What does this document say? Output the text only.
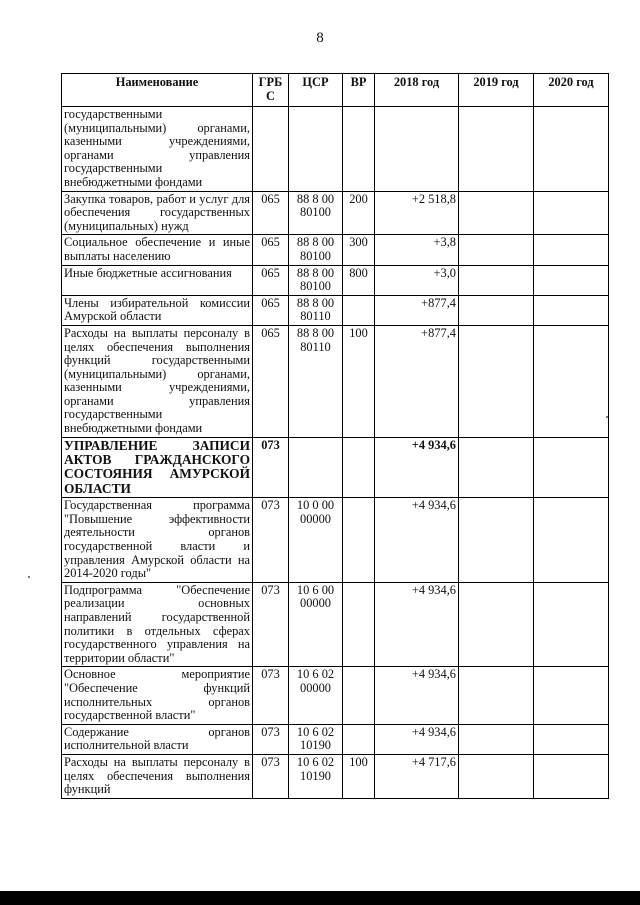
8
Наименование	ГРБ С	ЦСР	ВР	2018 год	2019 год	2020 год
государственными (муниципальными) органами, казенными учреждениями, органами управления государственными внебюджетными фондами						
Закупка товаров, работ и услуг для обеспечения государственных (муниципальных) нужд	065	88 8 00 80100	200	+2 518,8		
Социальное обеспечение и иные выплаты населению	065	88 8 00 80100	300	+3,8		
Иные бюджетные ассигнования	065	88 8 00 80100	800	+3,0		
Члены избирательной комиссии Амурской области	065	88 8 00 80110		+877,4		
Расходы на выплаты персоналу в целях обеспечения выполнения функций государственными (муниципальными) органами, казенными учреждениями, органами управления государственными внебюджетными фондами	065	88 8 00 80110	100	+877,4		
УПРАВЛЕНИЕ ЗАПИСИ АКТОВ ГРАЖДАНСКОГО СОСТОЯНИЯ АМУРСКОЙ ОБЛАСТИ	073			+4 934,6		
Государственная программа "Повышение эффективности деятельности органов государственной власти и управления Амурской области на 2014-2020 годы"	073	10 0 00 00000		+4 934,6		
Подпрограмма "Обеспечение реализации основных направлений государственной политики в отдельных сферах государственного управления на территории области"	073	10 6 00 00000		+4 934,6		
Основное мероприятие "Обеспечение функций исполнительных органов государственной власти"	073	10 6 02 00000		+4 934,6		
Содержание органов исполнительной власти	073	10 6 02 10190		+4 934,6		
Расходы на выплаты персоналу в целях обеспечения выполнения функций	073	10 6 02 10190	100	+4 717,6		
